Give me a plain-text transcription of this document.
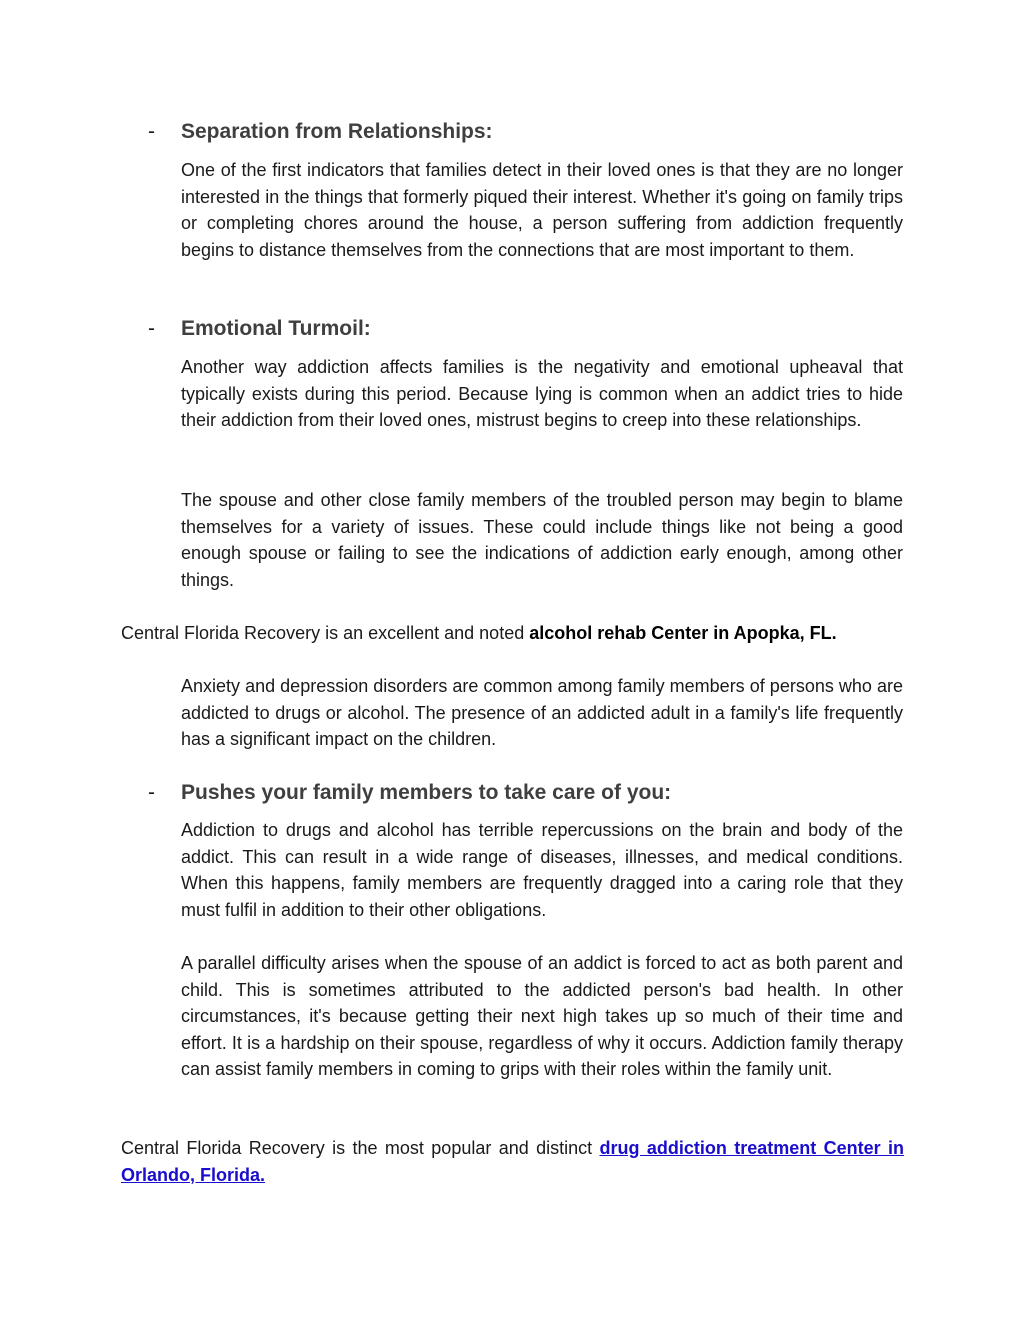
- Separation from Relationships:

One of the first indicators that families detect in their loved ones is that they are no longer interested in the things that formerly piqued their interest. Whether it's going on family trips or completing chores around the house, a person suffering from addiction frequently begins to distance themselves from the connections that are most important to them.

- Emotional Turmoil:

Another way addiction affects families is the negativity and emotional upheaval that typically exists during this period. Because lying is common when an addict tries to hide their addiction from their loved ones, mistrust begins to creep into these relationships.

The spouse and other close family members of the troubled person may begin to blame themselves for a variety of issues. These could include things like not being a good enough spouse or failing to see the indications of addiction early enough, among other things.

Central Florida Recovery is an excellent and noted alcohol rehab Center in Apopka, FL.

Anxiety and depression disorders are common among family members of persons who are addicted to drugs or alcohol. The presence of an addicted adult in a family's life frequently has a significant impact on the children.

- Pushes your family members to take care of you:

Addiction to drugs and alcohol has terrible repercussions on the brain and body of the addict. This can result in a wide range of diseases, illnesses, and medical conditions. When this happens, family members are frequently dragged into a caring role that they must fulfil in addition to their other obligations.

A parallel difficulty arises when the spouse of an addict is forced to act as both parent and child. This is sometimes attributed to the addicted person's bad health. In other circumstances, it's because getting their next high takes up so much of their time and effort. It is a hardship on their spouse, regardless of why it occurs. Addiction family therapy can assist family members in coming to grips with their roles within the family unit.

Central Florida Recovery is the most popular and distinct drug addiction treatment Center in Orlando, Florida.
